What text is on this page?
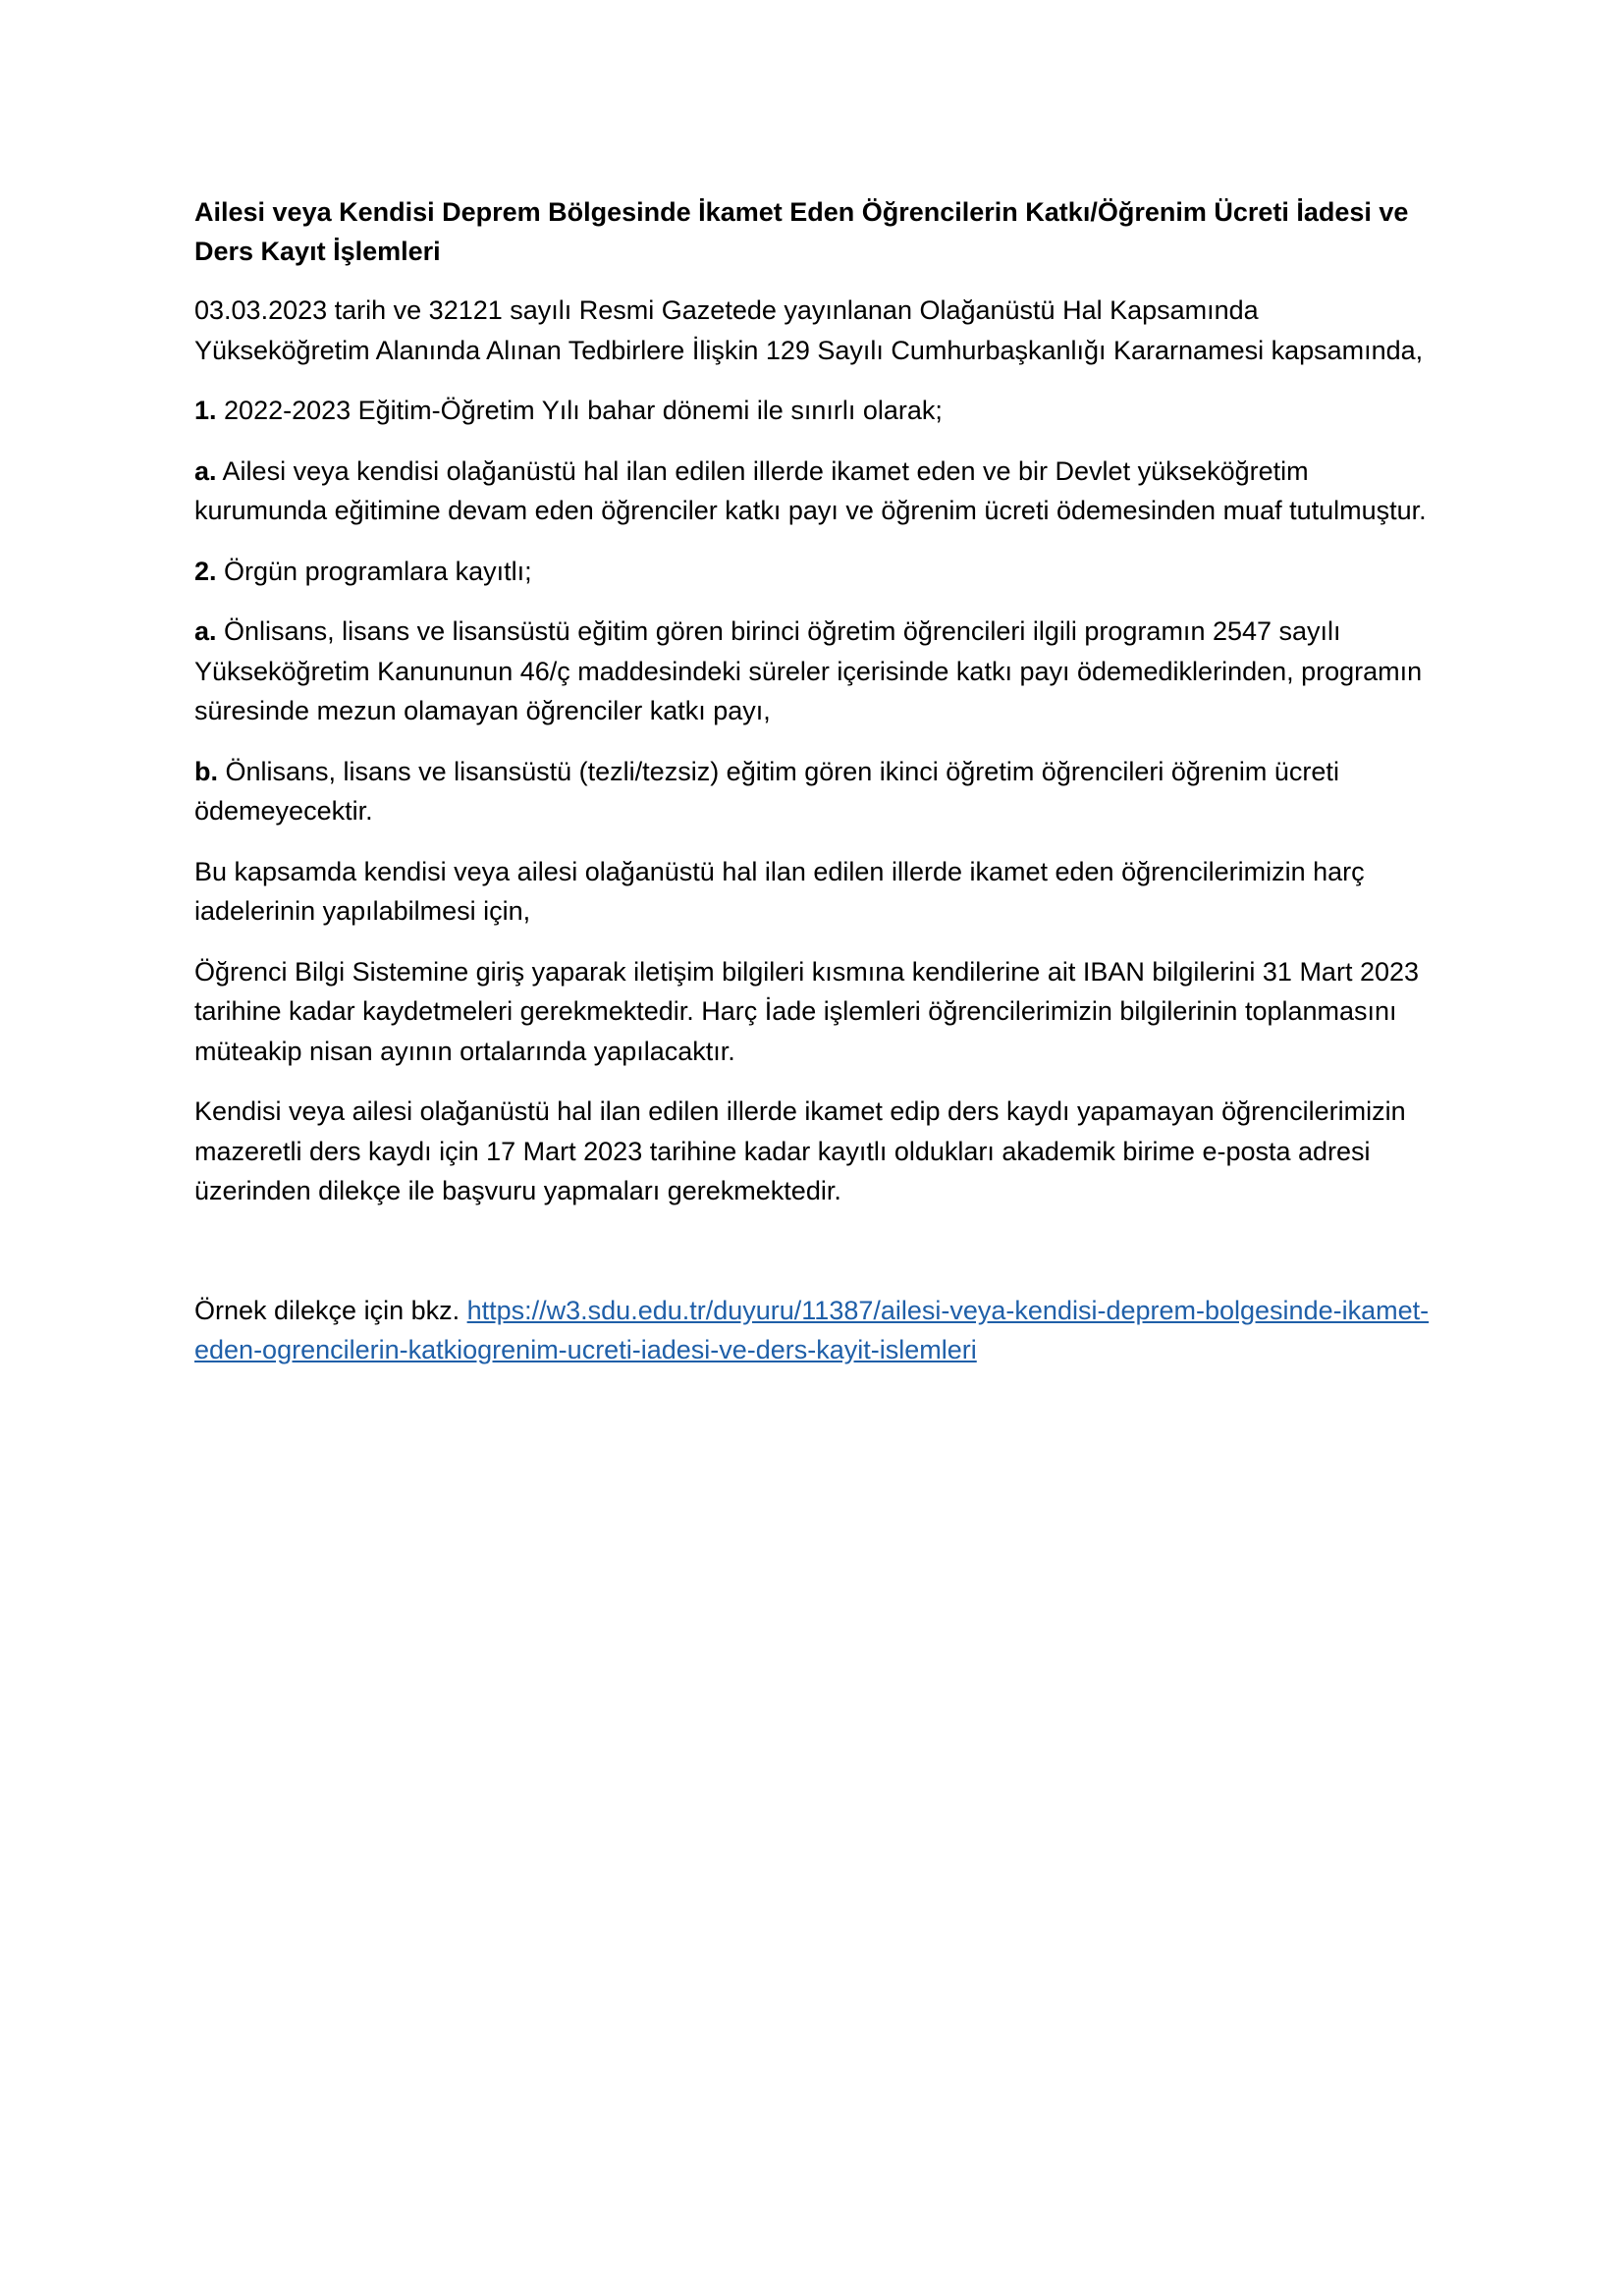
Ailesi veya Kendisi Deprem Bölgesinde İkamet Eden Öğrencilerin Katkı/Öğrenim Ücreti İadesi ve Ders Kayıt İşlemleri

03.03.2023 tarih ve 32121 sayılı Resmi Gazetede yayınlanan Olağanüstü Hal Kapsamında Yükseköğretim Alanında Alınan Tedbirlere İlişkin 129 Sayılı Cumhurbaşkanlığı Kararnamesi kapsamında,

1. 2022-2023 Eğitim-Öğretim Yılı bahar dönemi ile sınırlı olarak;

a. Ailesi veya kendisi olağanüstü hal ilan edilen illerde ikamet eden ve bir Devlet yükseköğretim kurumunda eğitimine devam eden öğrenciler katkı payı ve öğrenim ücreti ödemesinden muaf tutulmuştur.

2. Örgün programlara kayıtlı;

a. Önlisans, lisans ve lisansüstü eğitim gören birinci öğretim öğrencileri ilgili programın 2547 sayılı Yükseköğretim Kanununun 46/ç maddesindeki süreler içerisinde katkı payı ödemediklerinden, programın süresinde mezun olamayan öğrenciler katkı payı,

b. Önlisans, lisans ve lisansüstü (tezli/tezsiz) eğitim gören ikinci öğretim öğrencileri öğrenim ücreti ödemeyecektir.

Bu kapsamda kendisi veya ailesi olağanüstü hal ilan edilen illerde ikamet eden öğrencilerimizin harç iadelerinin yapılabilmesi için,

Öğrenci Bilgi Sistemine giriş yaparak iletişim bilgileri kısmına kendilerine ait IBAN bilgilerini 31 Mart 2023 tarihine kadar kaydetmeleri gerekmektedir. Harç İade işlemleri öğrencilerimizin bilgilerinin toplanmasını müteakip nisan ayının ortalarında yapılacaktır.

Kendisi veya ailesi olağanüstü hal ilan edilen illerde ikamet edip ders kaydı yapamayan öğrencilerimizin mazeretli ders kaydı için 17 Mart 2023 tarihine kadar kayıtlı oldukları akademik birime e-posta adresi üzerinden dilekçe ile başvuru yapmaları gerekmektedir.

Örnek dilekçe için bkz. https://w3.sdu.edu.tr/duyuru/11387/ailesi-veya-kendisi-deprem-bolgesinde-ikamet-eden-ogrencilerin-katkiogrenim-ucreti-iadesi-ve-ders-kayit-islemleri
